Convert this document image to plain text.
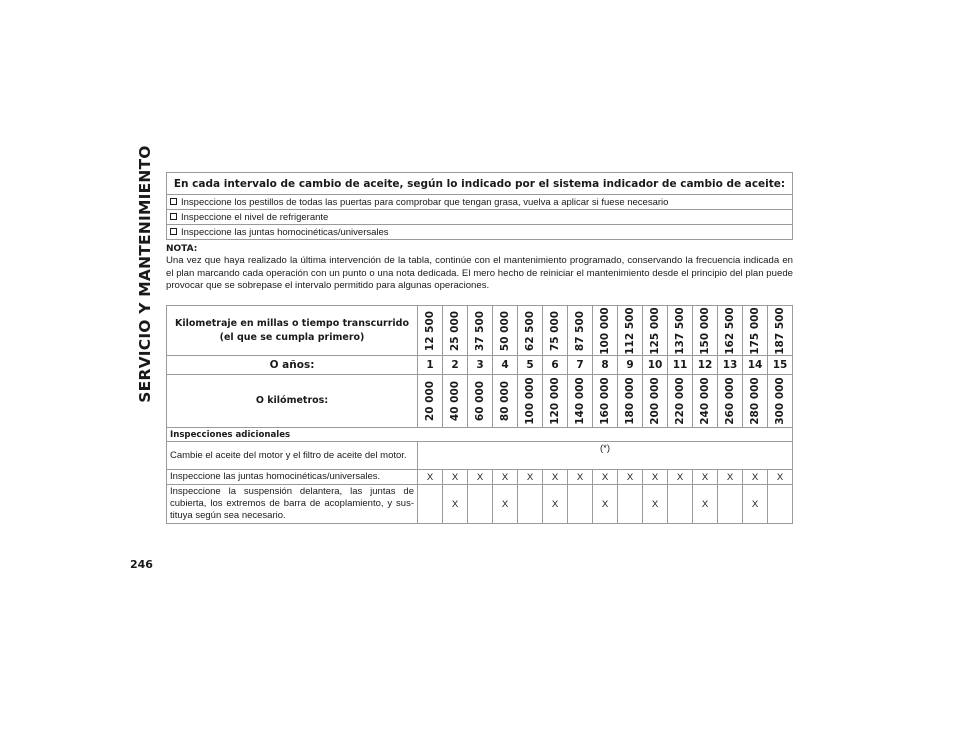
SERVICIO Y MANTENIMIENTO En cada intervalo de cambio de aceite, según lo indicado por el sistema indicador de cambio de aceite:
Inspeccione los pestillos de todas las puertas para comprobar que tengan grasa, vuelva a aplicar si fuese necesario
Inspeccione el nivel de refrigerante
Inspeccione las juntas homocinéticas/universales
NOTA:
Una vez que haya realizado la última intervención de la tabla, continúe con el mantenimiento programado, conservando la frecuencia indicada en el plan marcando cada operación con un punto o una nota dedicada. El mero hecho de reiniciar el mantenimiento desde el principio del plan puede provocar que se sobrepase el intervalo permitido para algunas operaciones.
Kilometraje en millas o tiempo transcurrido (el que se cumpla primero)	12 500	25 000	37 500	50 000	62 500	75 000	87 500	100 000	112 500	125 000	137 500	150 000	162 500	175 000	187 500

O años:	1	2	3	4	5	6	7	8	9	10	11	12	13	14	15
O kilómetros:	20 000	40 000	60 000	80 000	100 000	120 000	140 000	160 000	180 000	200 000	220 000	240 000	260 000	280 000	300 000

Inspecciones adicionales															
Cambie el aceite del motor y el filtro de aceite del motor.	(*)														
Inspeccione las juntas homocinéticas/universales.	X	X	X	X	X	X	X	X	X	X	X	X	X	X	X
Inspeccione la suspensión delantera, las juntas de cubierta, los extremos de barra de acoplamiento, y sus- tituya según sea necesario.		X		X		X		X		X		X		X	
246
